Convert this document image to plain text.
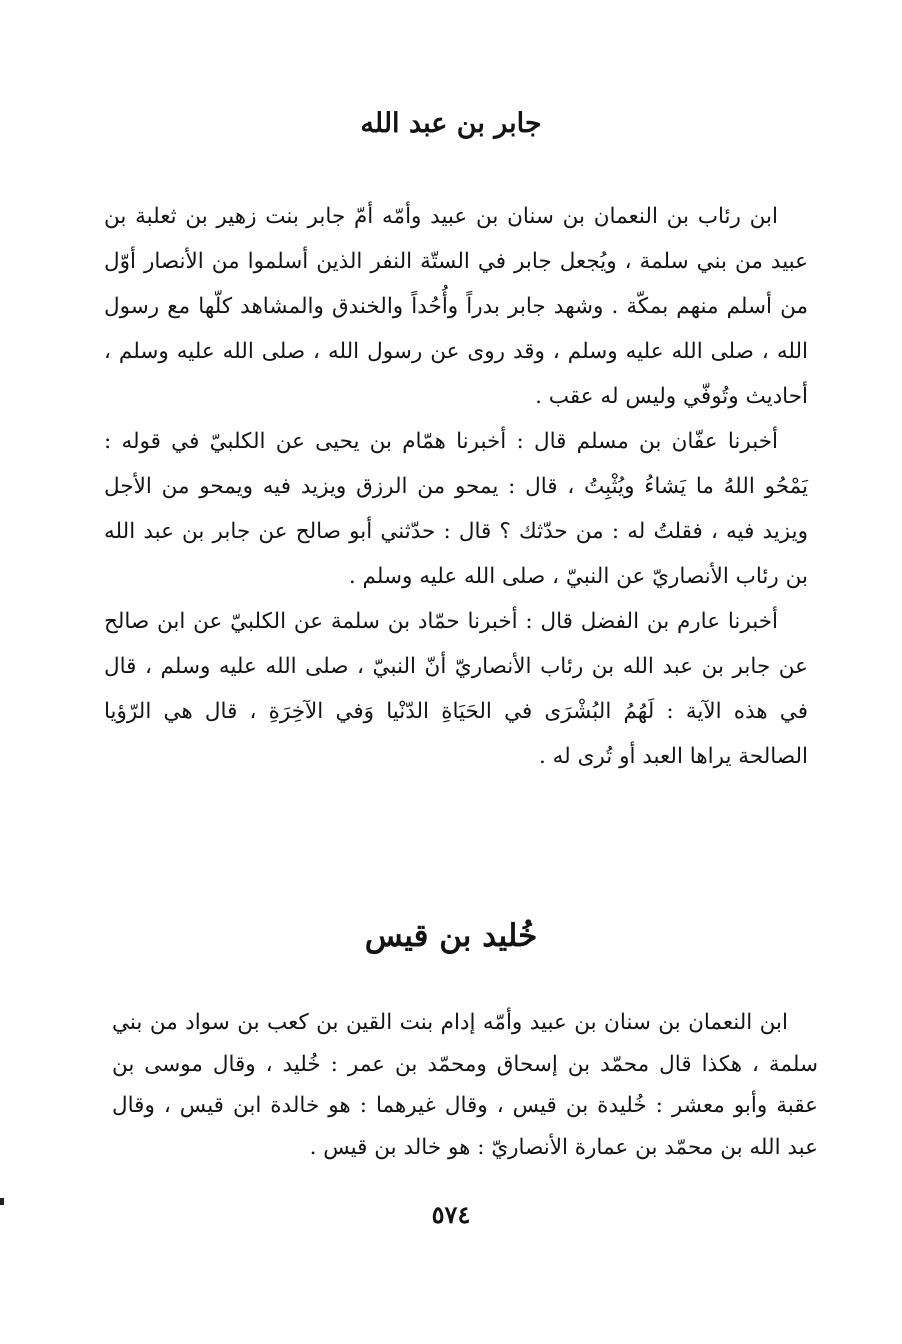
جابر بن عبد الله

ابن رئاب بن النعمان بن سنان بن عبيد وأمّه أمّ جابر بنت زهير بن ثعلبة بن عبيد من بني سلمة ، ويُجعل جابر في الستّة النفر الذين أسلموا من الأنصار أوّل من أسلم منهم بمكّة . وشهد جابر بدراً وأُحُداً والخندق والمشاهد كلّها مع رسول الله ، صلى الله عليه وسلم ، وقد روى عن رسول الله ، صلى الله عليه وسلم ، أحاديث وتُوفّي وليس له عقب .

أخبرنا عفّان بن مسلم قال : أخبرنا همّام بن يحيى عن الكلبيّ في قوله : يَمْحُو اللهُ ما يَشاءُ ويُثْبِتُ ، قال : يمحو من الرزق ويزيد فيه ويمحو من الأجل ويزيد فيه ، فقلتُ له : من حدّثك ؟ قال : حدّثني أبو صالح عن جابر بن عبد الله بن رئاب الأنصاريّ عن النبيّ ، صلى الله عليه وسلم .

أخبرنا عارم بن الفضل قال : أخبرنا حمّاد بن سلمة عن الكلبيّ عن ابن صالح عن جابر بن عبد الله بن رئاب الأنصاريّ أنّ النبيّ ، صلى الله عليه وسلم ، قال في هذه الآية : لَهُمُ البُشْرَى في الحَيَاةِ الدّنْيا وَفي الآخِرَةِ ، قال هي الرّؤيا الصالحة يراها العبد أو تُرى له .

خُليد بن قيس

ابن النعمان بن سنان بن عبيد وأمّه إدام بنت القين بن كعب بن سواد من بني سلمة ، هكذا قال محمّد بن إسحاق ومحمّد بن عمر : خُليد ، وقال موسى بن عقبة وأبو معشر : خُليدة بن قيس ، وقال غيرهما : هو خالدة ابن قيس ، وقال عبد الله بن محمّد بن عمارة الأنصاريّ : هو خالد بن قيس .

٥٧٤
